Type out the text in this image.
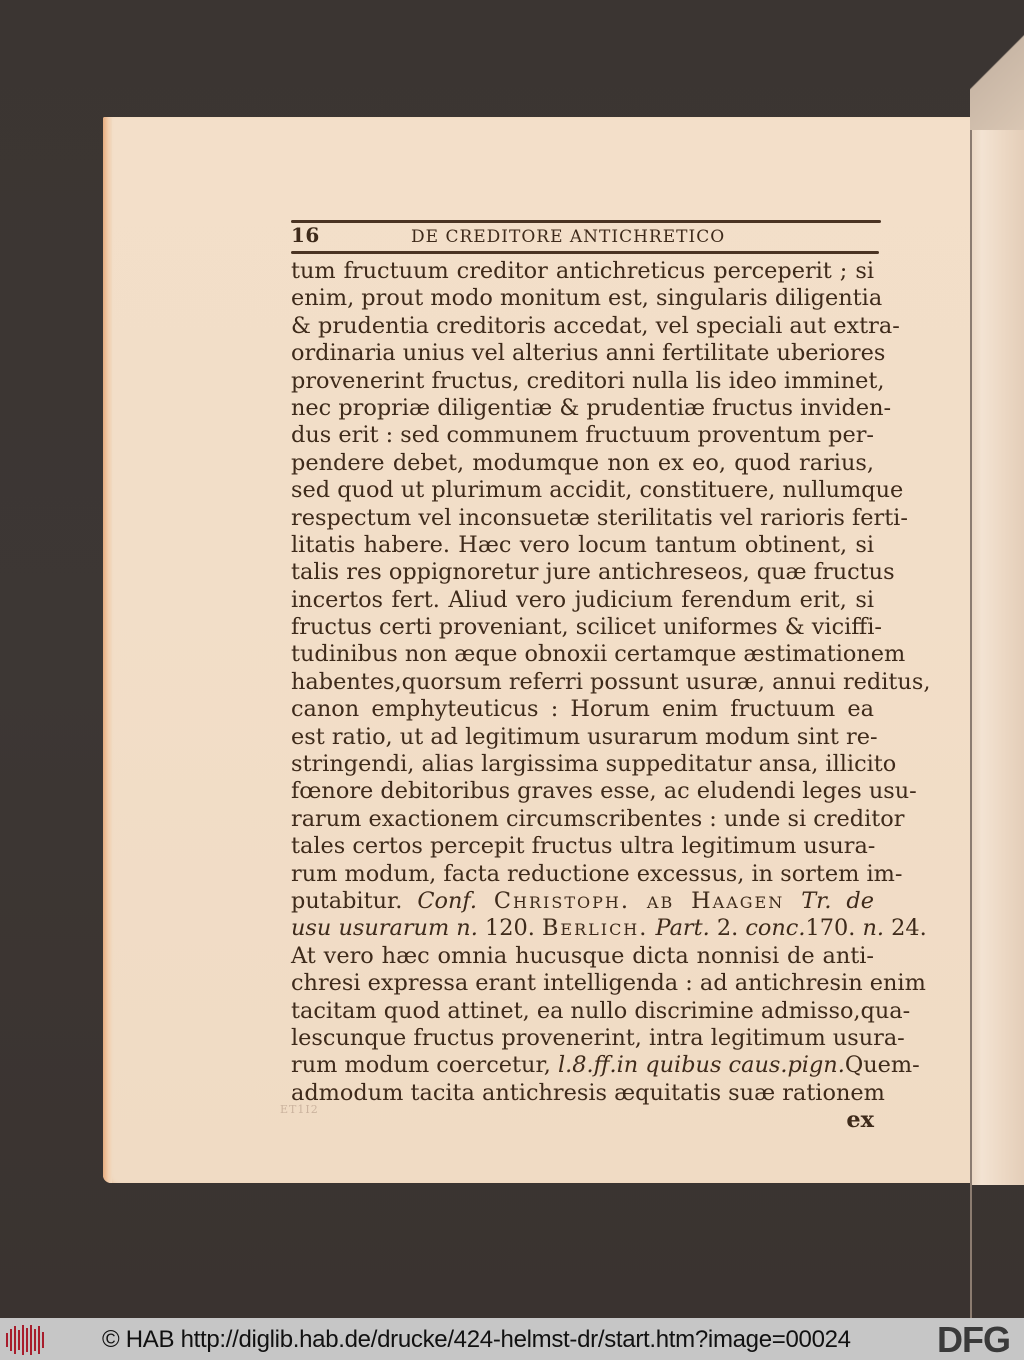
16	DE CREDITORE ANTICHRETICO
tum fructuum creditor antichreticus perceperit ; si
enim, prout modo monitum est, singularis diligentia
& prudentia creditoris accedat, vel speciali aut extra-
ordinaria unius vel alterius anni fertilitate uberiores
provenerint fructus, creditori nulla lis ideo imminet,
nec propriæ diligentiæ & prudentiæ fructus inviden-
dus erit : sed communem fructuum proventum per-
pendere debet, modumque non ex eo, quod rarius,
sed quod ut plurimum accidit, constituere, nullumque
respectum vel inconsuetæ sterilitatis vel rarioris ferti-
litatis habere. Hæc vero locum tantum obtinent, si
talis res oppignoretur jure antichreseos, quæ fructus
incertos fert. Aliud vero judicium ferendum erit, si
fructus certi proveniant, scilicet uniformes & viciffi-
tudinibus non æque obnoxii certamque æstimationem
habentes,quorsum referri possunt usuræ, annui reditus,
canon emphyteuticus : Horum enim fructuum ea
est ratio, ut ad legitimum usurarum modum sint re-
stringendi, alias largissima suppeditatur ansa, illicito
fœnore debitoribus graves esse, ac eludendi leges usu-
rarum exactionem circumscribentes : unde si creditor
tales certos percepit fructus ultra legitimum usura-
rum modum, facta reductione excessus, in sortem im-
putabitur. Conf. Christoph. ab Haagen Tr. de
usu usurarum n. 120. Berlich. Part. 2. conc.170. n. 24.
At vero hæc omnia hucusque dicta nonnisi de anti-
chresi expressa erant intelligenda : ad antichresin enim
tacitam quod attinet, ea nullo discrimine admisso,qua-
lescunque fructus provenerint, intra legitimum usura-
rum modum coercetur, l.8.ff.in quibus caus.pign.Quem-
admodum tacita antichresis æquitatis suæ rationem
ex
ET1I2
© HAB http://diglib.hab.de/drucke/424-helmst-dr/start.htm?image=00024 DFG
